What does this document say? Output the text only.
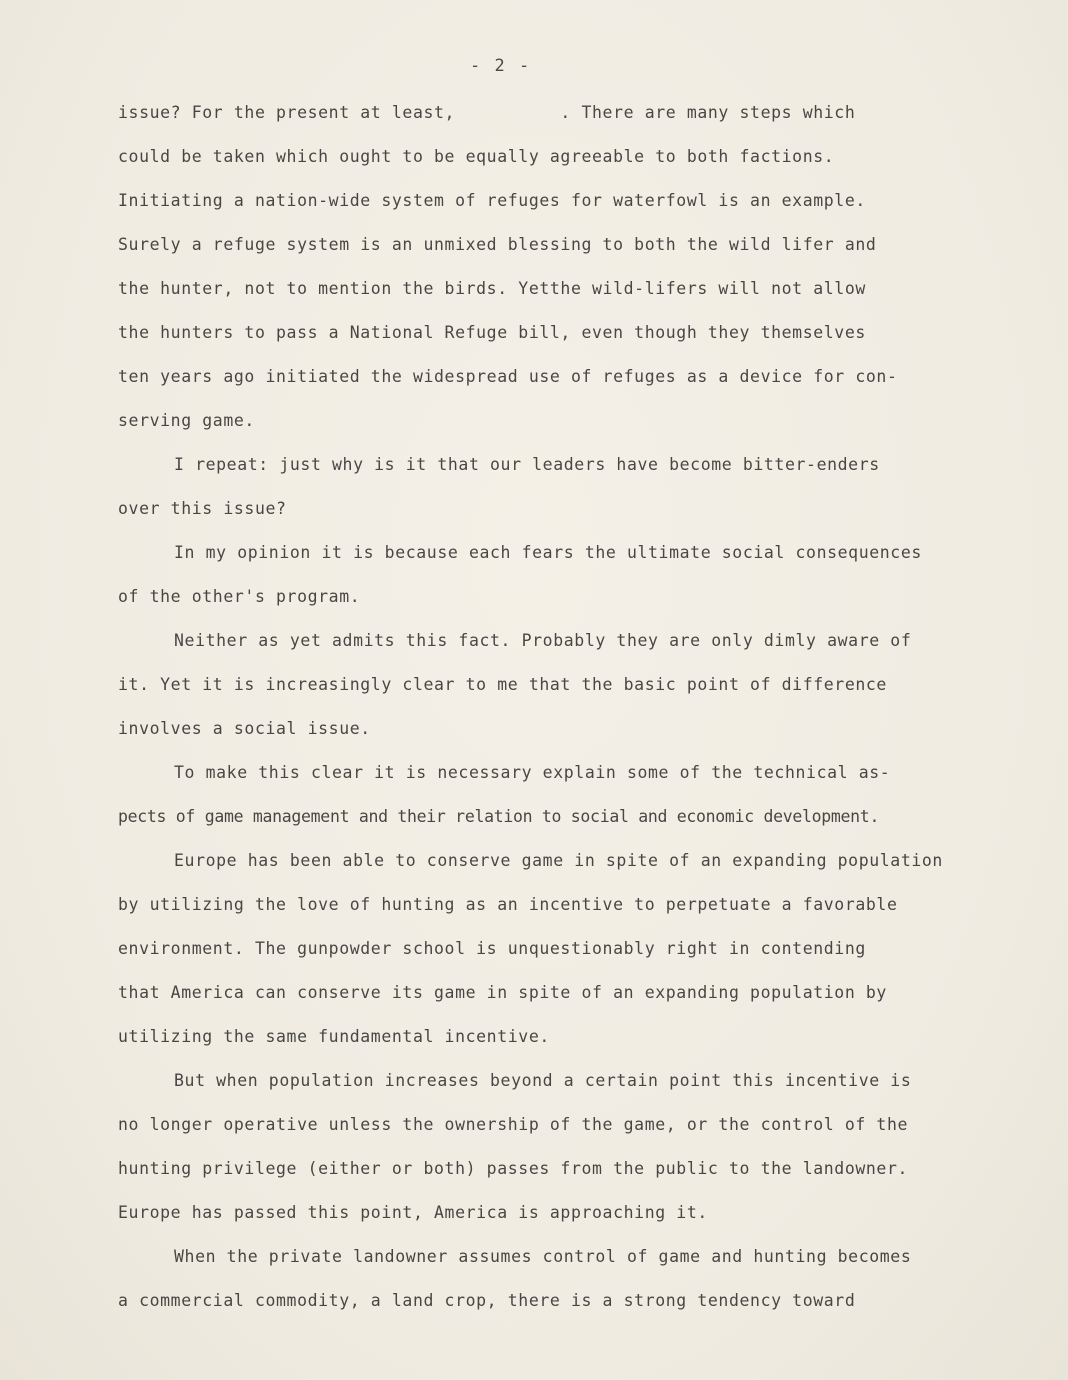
- 2 -
issue? For the present at least,          . There are many steps which
could be taken which ought to be equally agreeable to both factions.
Initiating a nation-wide system of refuges for waterfowl is an example.
Surely a refuge system is an unmixed blessing to both the wild lifer and
the hunter, not to mention the birds. Yetthe wild-lifers will not allow
the hunters to pass a National Refuge bill, even though they themselves
ten years ago initiated the widespread use of refuges as a device for con-
serving game.
I repeat: just why is it that our leaders have become bitter-enders
over this issue?
In my opinion it is because each fears the ultimate social consequences
of the other's program.
Neither as yet admits this fact. Probably they are only dimly aware of
it. Yet it is increasingly clear to me that the basic point of difference
involves a social issue.
To make this clear it is necessary explain some of the technical as-
pects of game management and their relation to social and economic development.
Europe has been able to conserve game in spite of an expanding population
by utilizing the love of hunting as an incentive to perpetuate a favorable
environment. The gunpowder school is unquestionably right in contending
that America can conserve its game in spite of an expanding population by
utilizing the same fundamental incentive.
But when population increases beyond a certain point this incentive is
no longer operative unless the ownership of the game, or the control of the
hunting privilege (either or both) passes from the public to the landowner.
Europe has passed this point, America is approaching it.
When the private landowner assumes control of game and hunting becomes
a commercial commodity, a land crop, there is a strong tendency toward
